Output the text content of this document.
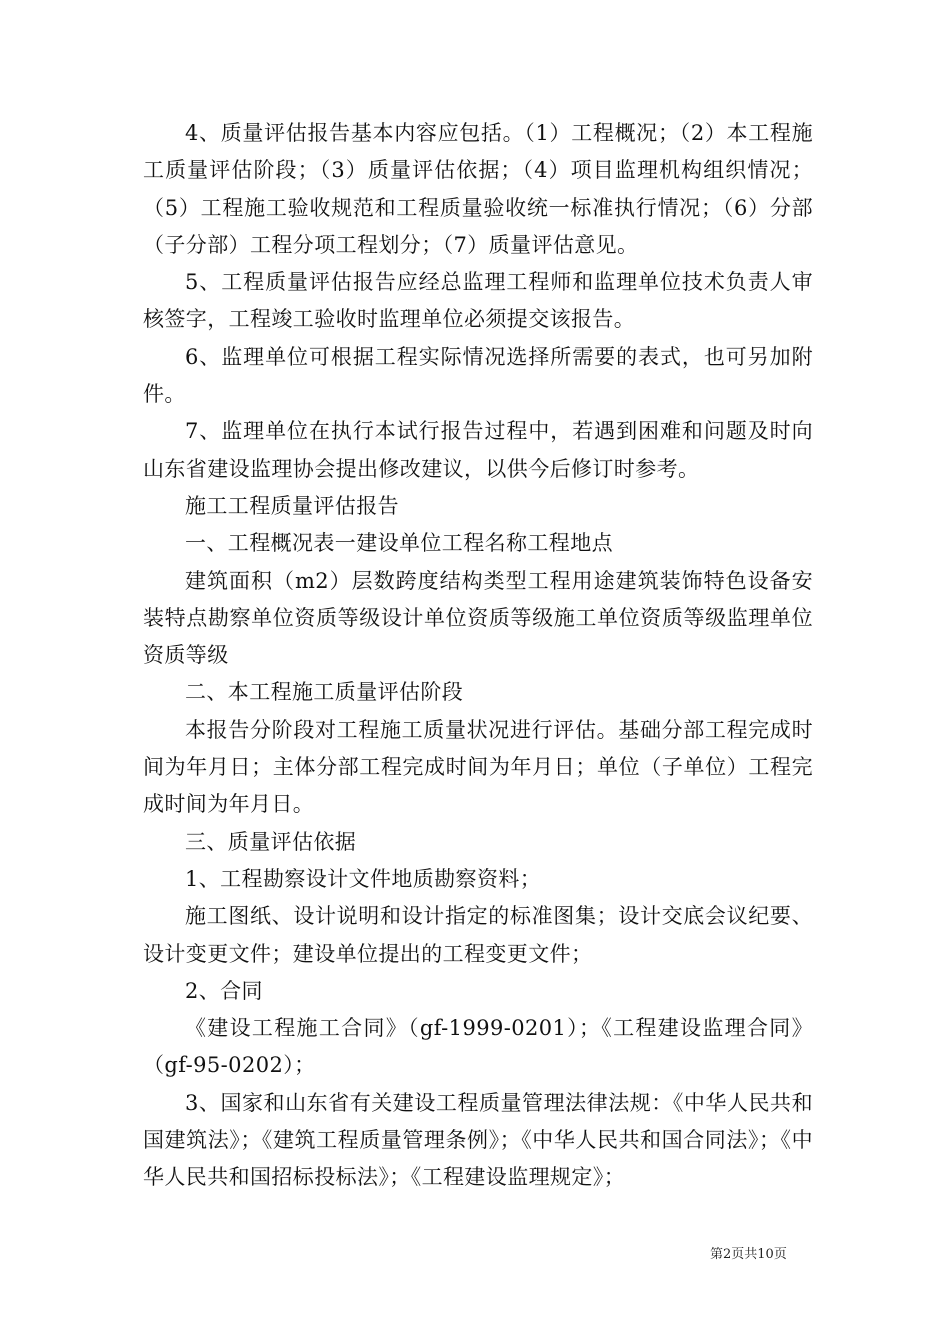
4、质量评估报告基本内容应包括。（1）工程概况；（2）本工程施工质量评估阶段；（3）质量评估依据；（4）项目监理机构组织情况；（5）工程施工验收规范和工程质量验收统一标准执行情况；（6）分部（子分部）工程分项工程划分；（7）质量评估意见。

5、工程质量评估报告应经总监理工程师和监理单位技术负责人审核签字，工程竣工验收时监理单位必须提交该报告。

6、监理单位可根据工程实际情况选择所需要的表式，也可另加附件。

7、监理单位在执行本试行报告过程中，若遇到困难和问题及时向山东省建设监理协会提出修改建议，以供今后修订时参考。

施工工程质量评估报告

一、工程概况表一建设单位工程名称工程地点

建筑面积（m2）层数跨度结构类型工程用途建筑装饰特色设备安装特点勘察单位资质等级设计单位资质等级施工单位资质等级监理单位资质等级

二、本工程施工质量评估阶段

本报告分阶段对工程施工质量状况进行评估。基础分部工程完成时间为年月日；主体分部工程完成时间为年月日；单位（子单位）工程完成时间为年月日。

三、质量评估依据

1、工程勘察设计文件地质勘察资料；

施工图纸、设计说明和设计指定的标准图集；设计交底会议纪要、设计变更文件；建设单位提出的工程变更文件；

2、合同

《建设工程施工合同》（gf-1999-0201）；《工程建设监理合同》（gf-95-0202）；

3、国家和山东省有关建设工程质量管理法律法规：《中华人民共和国建筑法》；《建筑工程质量管理条例》；《中华人民共和国合同法》；《中华人民共和国招标投标法》；《工程建设监理规定》；

第2页共10页
